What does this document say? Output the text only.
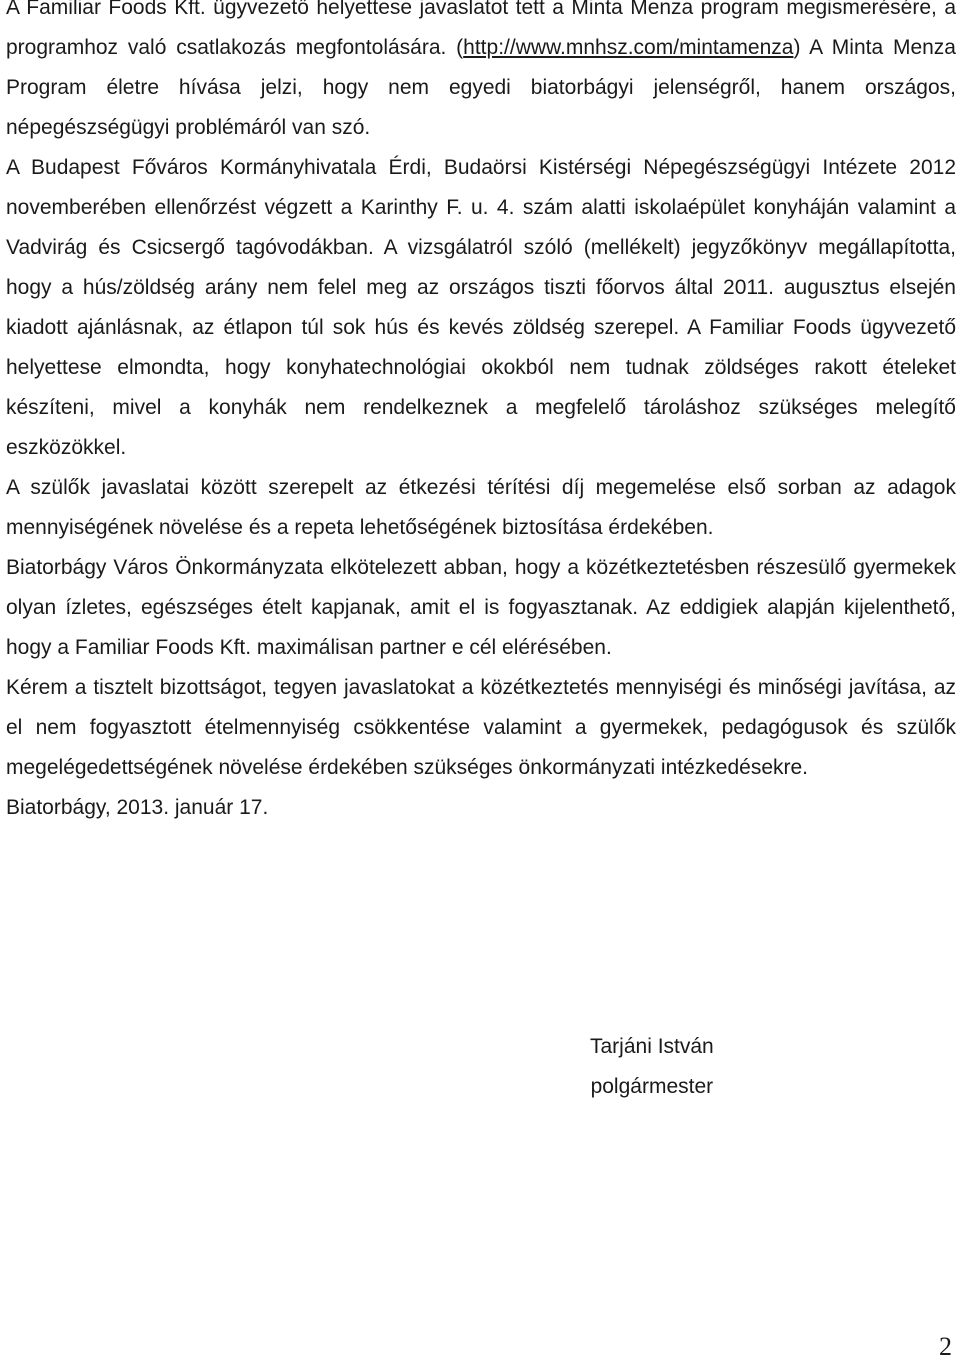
A Familiar Foods Kft. ügyvezető helyettese javaslatot tett a Minta Menza program megismerésére, a programhoz való csatlakozás megfontolására. (http://www.mnhsz.com/mintamenza) A Minta Menza Program életre hívása jelzi, hogy nem egyedi biatorbágyi jelenségről, hanem országos, népegészségügyi problémáról van szó.

A Budapest Főváros Kormányhivatala Érdi, Budaörsi Kistérségi Népegészségügyi Intézete 2012 novemberében ellenőrzést végzett a Karinthy F. u. 4. szám alatti iskolaépület konyháján valamint a Vadvirág és Csicsergő tagóvodákban. A vizsgálatról szóló (mellékelt) jegyzőkönyv megállapította, hogy a hús/zöldség arány nem felel meg az országos tiszti főorvos által 2011. augusztus elsején kiadott ajánlásnak, az étlapon túl sok hús és kevés zöldség szerepel. A Familiar Foods ügyvezető helyettese elmondta, hogy konyhatechnológiai okokból nem tudnak zöldséges rakott ételeket készíteni, mivel a konyhák nem rendelkeznek a megfelelő tároláshoz szükséges melegítő eszközökkel.

A szülők javaslatai között szerepelt az étkezési térítési díj megemelése első sorban az adagok mennyiségének növelése és a repeta lehetőségének biztosítása érdekében.

Biatorbágy Város Önkormányzata elkötelezett abban, hogy a közétkeztetésben részesülő gyermekek olyan ízletes, egészséges ételt kapjanak, amit el is fogyasztanak. Az eddigiek alapján kijelenthető, hogy a Familiar Foods Kft. maximálisan partner e cél elérésében.

Kérem a tisztelt bizottságot, tegyen javaslatokat a közétkeztetés mennyiségi és minőségi javítása, az el nem fogyasztott ételmennyiség csökkentése valamint a gyermekek, pedagógusok és szülők megelégedettségének növelése érdekében szükséges önkormányzati intézkedésekre.

Biatorbágy, 2013. január 17.

Tarjáni István
polgármester
2
